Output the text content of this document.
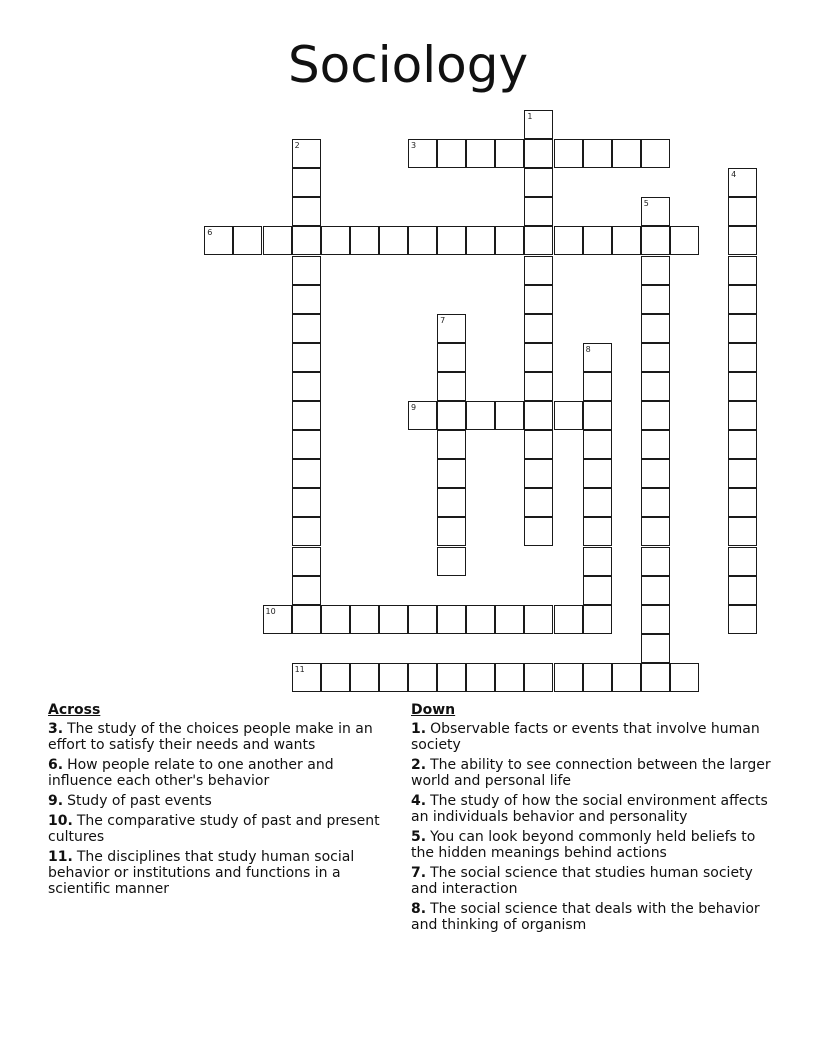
Sociology
1
2	3
4
5
6
7
8
9
10
11
Across
3. The study of the choices people make in an effort to satisfy their needs and wants
6. How people relate to one another and influence each other's behavior
9. Study of past events
10. The comparative study of past and present cultures
11. The disciplines that study human social behavior or institutions and functions in a scientific manner
Down
1. Observable facts or events that involve human society
2. The ability to see connection between the larger world and personal life
4. The study of how the social environment affects an individuals behavior and personality
5. You can look beyond commonly held beliefs to the hidden meanings behind actions
7. The social science that studies human society and interaction
8. The social science that deals with the behavior and thinking of organism
